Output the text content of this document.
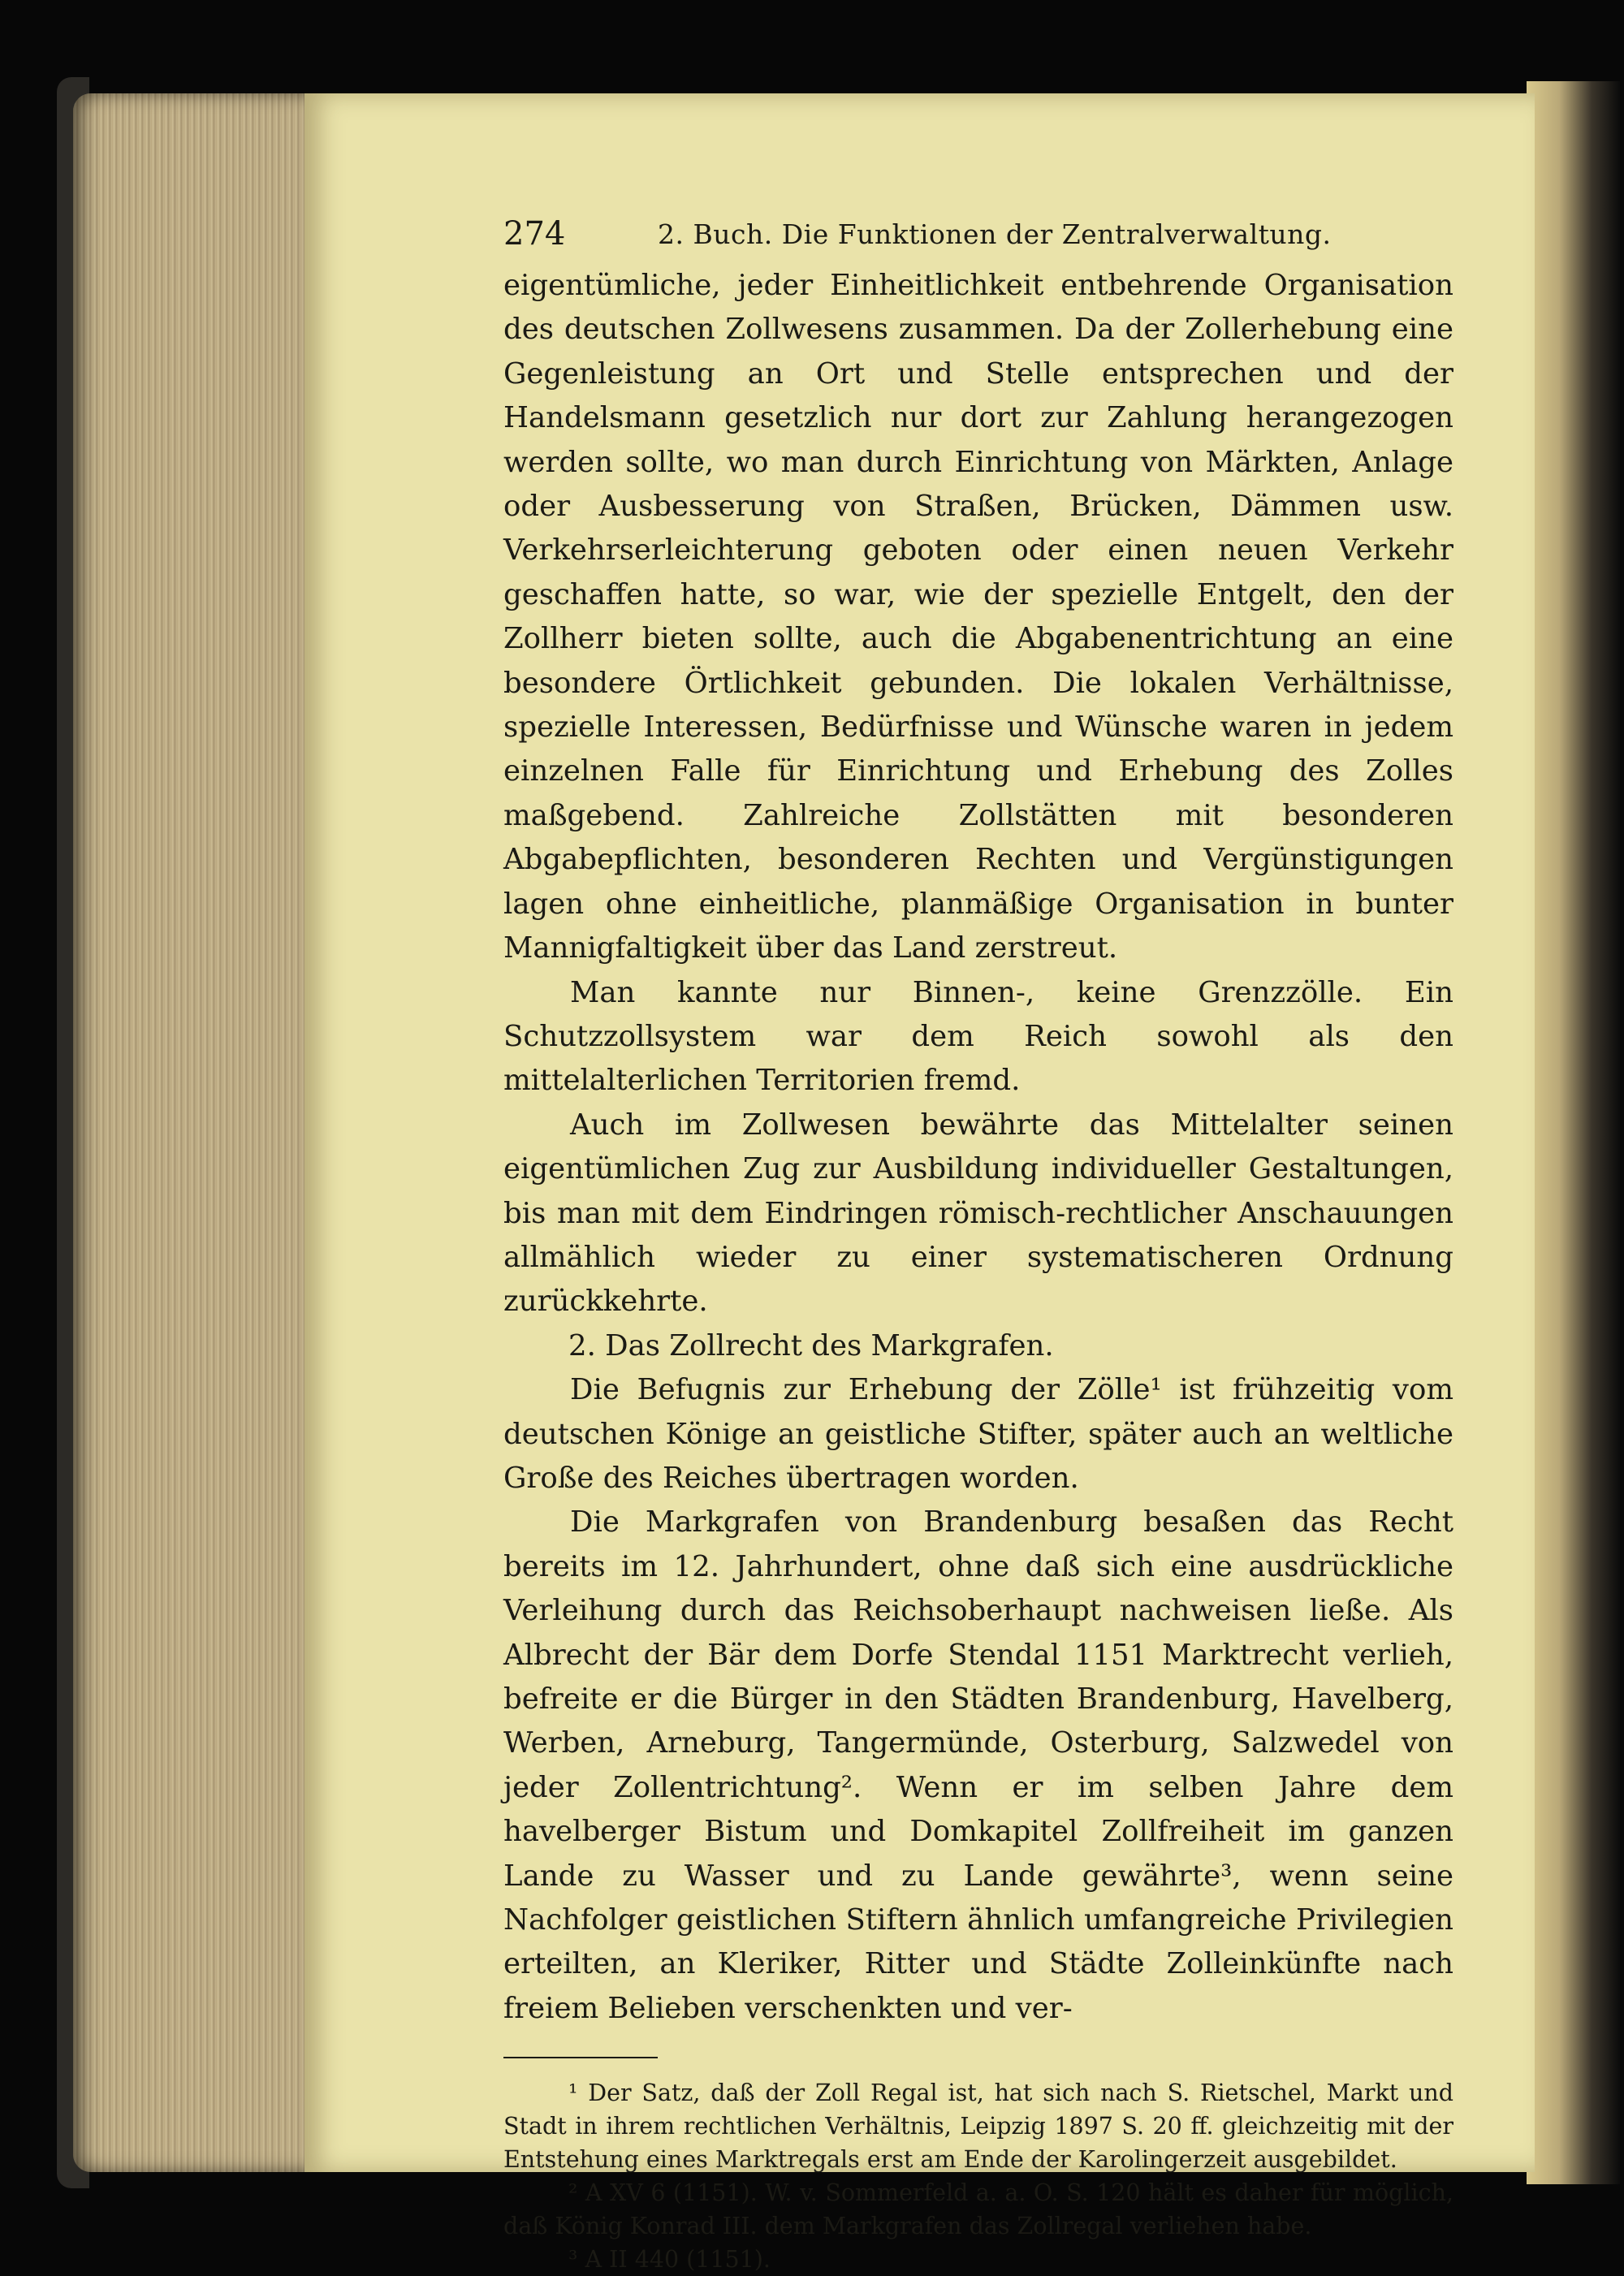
274	2. Buch. Die Funktionen der Zentralverwaltung.

eigentümliche, jeder Einheitlichkeit entbehrende Organisation des deutschen Zollwesens zusammen. Da der Zollerhebung eine Gegenleistung an Ort und Stelle entsprechen und der Handelsmann gesetzlich nur dort zur Zahlung herangezogen werden sollte, wo man durch Einrichtung von Märkten, Anlage oder Ausbesserung von Straßen, Brücken, Dämmen usw. Verkehrserleichterung geboten oder einen neuen Verkehr geschaffen hatte, so war, wie der spezielle Entgelt, den der Zollherr bieten sollte, auch die Abgabenentrichtung an eine besondere Örtlichkeit gebunden. Die lokalen Verhältnisse, spezielle Interessen, Bedürfnisse und Wünsche waren in jedem einzelnen Falle für Einrichtung und Erhebung des Zolles maßgebend. Zahlreiche Zollstätten mit besonderen Abgabepflichten, besonderen Rechten und Vergünstigungen lagen ohne einheitliche, planmäßige Organisation in bunter Mannigfaltigkeit über das Land zerstreut.

Man kannte nur Binnen-, keine Grenzzölle. Ein Schutzzollsystem war dem Reich sowohl als den mittelalterlichen Territorien fremd.

Auch im Zollwesen bewährte das Mittelalter seinen eigentümlichen Zug zur Ausbildung individueller Gestaltungen, bis man mit dem Eindringen römisch-rechtlicher Anschauungen allmählich wieder zu einer systematischeren Ordnung zurückkehrte.

2. Das Zollrecht des Markgrafen.

Die Befugnis zur Erhebung der Zölle¹ ist frühzeitig vom deutschen Könige an geistliche Stifter, später auch an weltliche Große des Reiches übertragen worden.

Die Markgrafen von Brandenburg besaßen das Recht bereits im 12. Jahrhundert, ohne daß sich eine ausdrückliche Verleihung durch das Reichsoberhaupt nachweisen ließe. Als Albrecht der Bär dem Dorfe Stendal 1151 Marktrecht verlieh, befreite er die Bürger in den Städten Brandenburg, Havelberg, Werben, Arneburg, Tangermünde, Osterburg, Salzwedel von jeder Zollentrichtung². Wenn er im selben Jahre dem havelberger Bistum und Domkapitel Zollfreiheit im ganzen Lande zu Wasser und zu Lande gewährte³, wenn seine Nachfolger geistlichen Stiftern ähnlich umfangreiche Privilegien erteilten, an Kleriker, Ritter und Städte Zolleinkünfte nach freiem Belieben verschenkten und ver-

¹ Der Satz, daß der Zoll Regal ist, hat sich nach S. Rietschel, Markt und Stadt in ihrem rechtlichen Verhältnis, Leipzig 1897 S. 20 ff. gleichzeitig mit der Entstehung eines Marktregals erst am Ende der Karolingerzeit ausgebildet.

² A XV 6 (1151). W. v. Sommerfeld a. a. O. S. 120 hält es daher für möglich, daß König Konrad III. dem Markgrafen das Zollregal verliehen habe.

³ A II 440 (1151).
